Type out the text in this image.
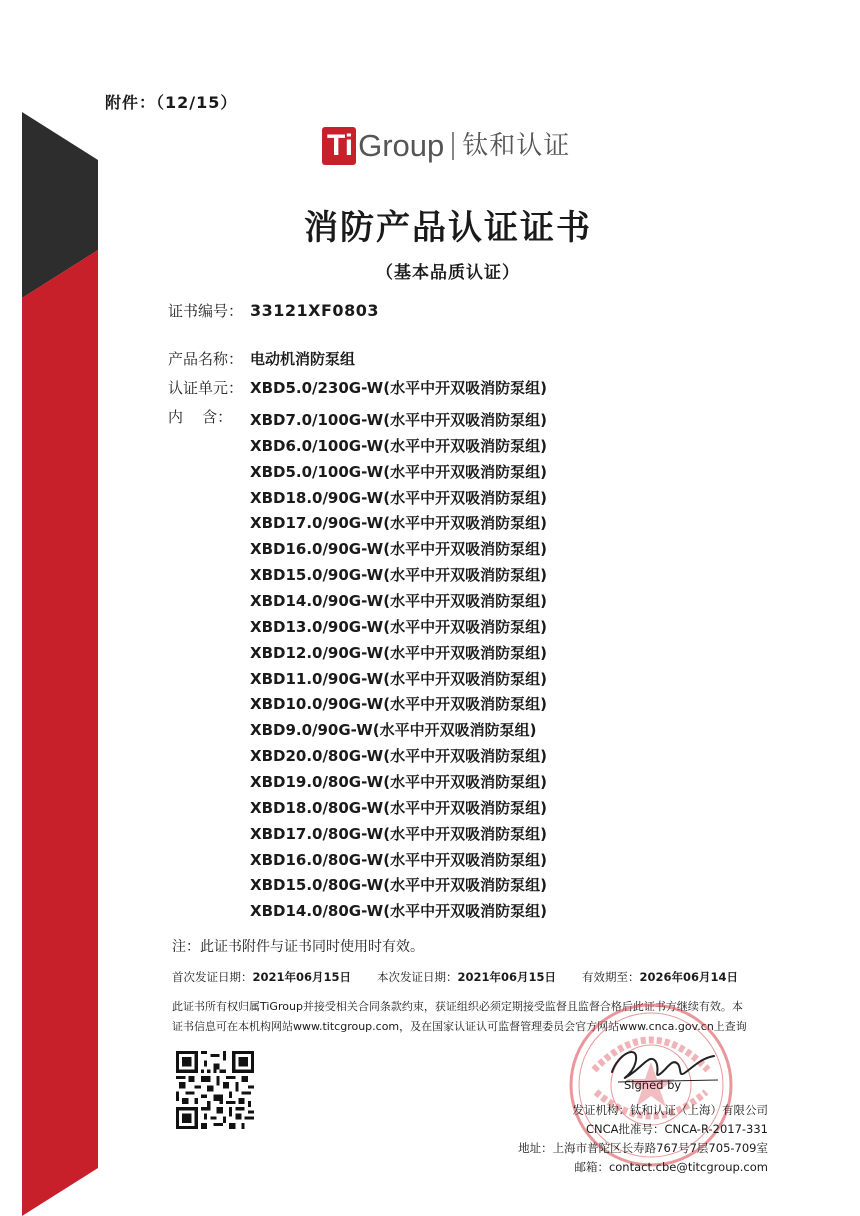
附件：（12/15）
Ti Group 钛和认证
消防产品认证证书
（基本品质认证）
证书编号： 33121XF0803
产品名称： 电动机消防泵组
认证单元： XBD5.0/230G-W(水平中开双吸消防泵组)
内    含：	XBD7.0/100G-W(水平中开双吸消防泵组)
XBD6.0/100G-W(水平中开双吸消防泵组)
XBD5.0/100G-W(水平中开双吸消防泵组)
XBD18.0/90G-W(水平中开双吸消防泵组)
XBD17.0/90G-W(水平中开双吸消防泵组)
XBD16.0/90G-W(水平中开双吸消防泵组)
XBD15.0/90G-W(水平中开双吸消防泵组)
XBD14.0/90G-W(水平中开双吸消防泵组)
XBD13.0/90G-W(水平中开双吸消防泵组)
XBD12.0/90G-W(水平中开双吸消防泵组)
XBD11.0/90G-W(水平中开双吸消防泵组)
XBD10.0/90G-W(水平中开双吸消防泵组)
XBD9.0/90G-W(水平中开双吸消防泵组)
XBD20.0/80G-W(水平中开双吸消防泵组)
XBD19.0/80G-W(水平中开双吸消防泵组)
XBD18.0/80G-W(水平中开双吸消防泵组)
XBD17.0/80G-W(水平中开双吸消防泵组)
XBD16.0/80G-W(水平中开双吸消防泵组)
XBD15.0/80G-W(水平中开双吸消防泵组)
XBD14.0/80G-W(水平中开双吸消防泵组)
注：此证书附件与证书同时使用时有效。
首次发证日期：2021年06月15日 本次发证日期：2021年06月15日 有效期至：2026年06月14日
此证书所有权归属TiGroup并接受相关合同条款约束，获证组织必须定期接受监督且监督合格后此证书方继续有效。本
证书信息可在本机构网站www.titcgroup.com，及在国家认证认可监督管理委员会官方网站www.cnca.gov.cn上查询
Signed by
发证机构：钛和认证（上海）有限公司
CNCA批准号：CNCA-R-2017-331
地址：上海市普陀区长寿路767号7层705-709室
邮箱：contact.cbe@titcgroup.com
